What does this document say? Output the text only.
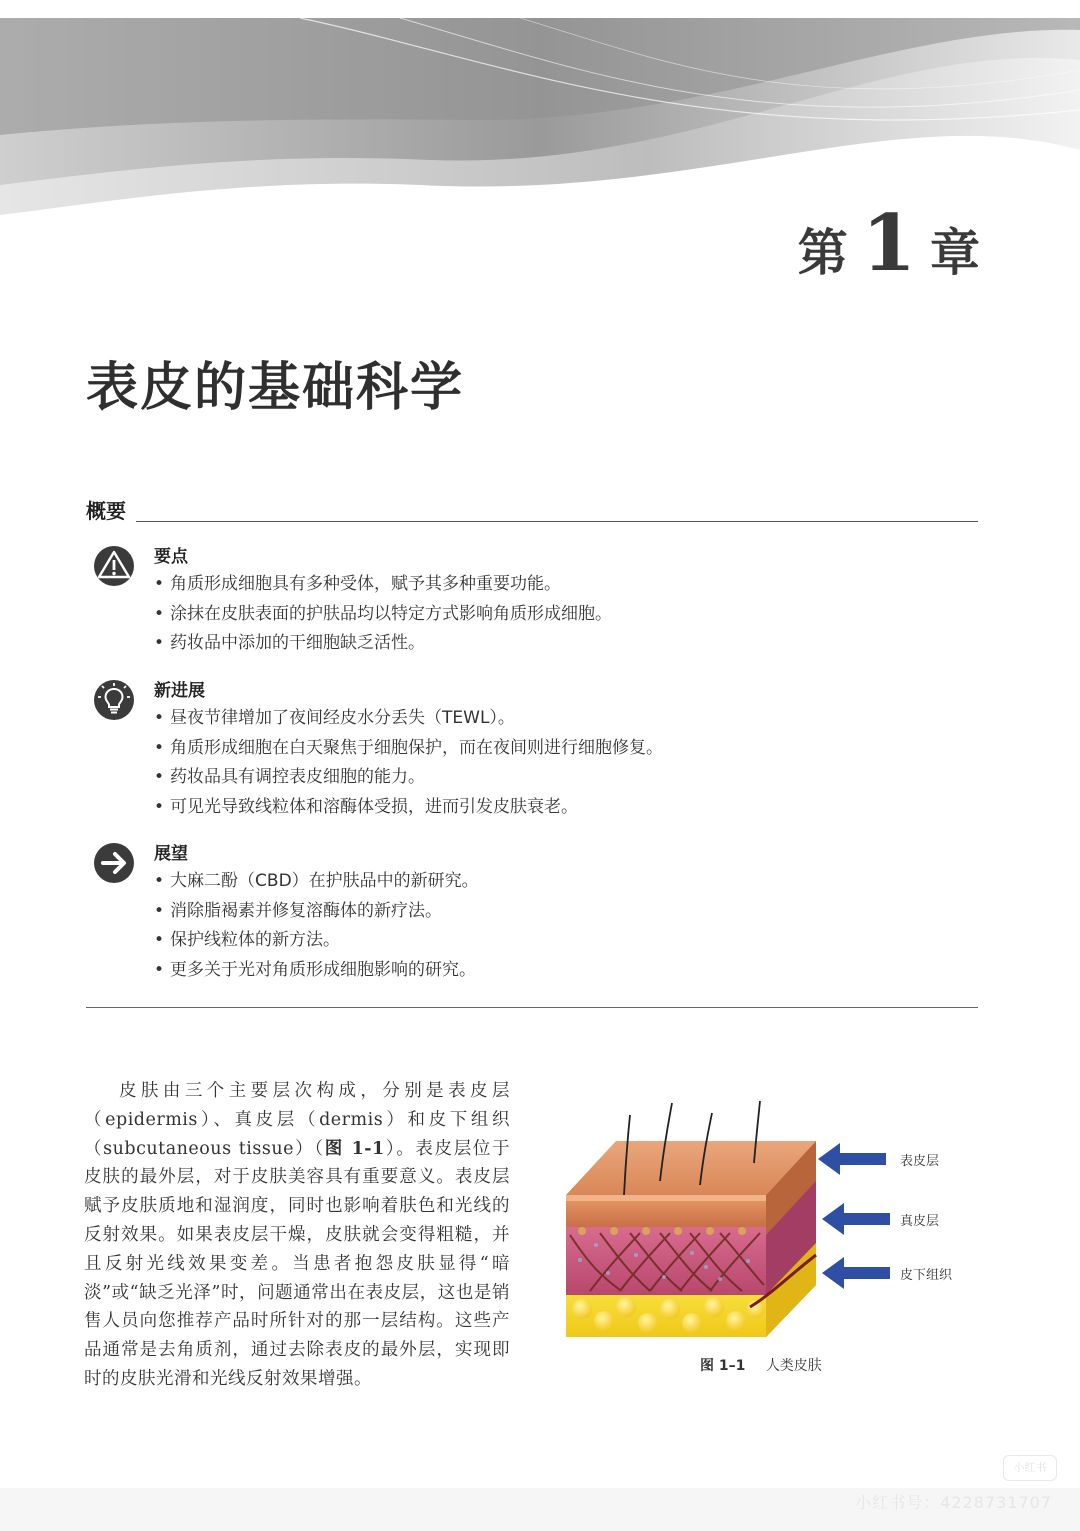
第 1 章
表皮的基础科学
概要
要点
• 角质形成细胞具有多种受体，赋予其多种重要功能。
• 涂抹在皮肤表面的护肤品均以特定方式影响角质形成细胞。
• 药妆品中添加的干细胞缺乏活性。
新进展
• 昼夜节律增加了夜间经皮水分丢失（TEWL）。
• 角质形成细胞在白天聚焦于细胞保护，而在夜间则进行细胞修复。
• 药妆品具有调控表皮细胞的能力。
• 可见光导致线粒体和溶酶体受损，进而引发皮肤衰老。
展望
• 大麻二酚（CBD）在护肤品中的新研究。
• 消除脂褐素并修复溶酶体的新疗法。
• 保护线粒体的新方法。
• 更多关于光对角质形成细胞影响的研究。

皮肤由三个主要层次构成，分别是表皮层（epidermis）、真皮层（dermis）和皮下组织（subcutaneous tissue）（图 1-1）。表皮层位于皮肤的最外层，对于皮肤美容具有重要意义。表皮层赋予皮肤质地和湿润度，同时也影响着肤色和光线的反射效果。如果表皮层干燥，皮肤就会变得粗糙，并且反射光线效果变差。当患者抱怨皮肤显得“暗淡”或“缺乏光泽”时，问题通常出在表皮层，这也是销售人员向您推荐产品时所针对的那一层结构。这些产品通常是去角质剂，通过去除表皮的最外层，实现即时的皮肤光滑和光线反射效果增强。

表皮层
真皮层
皮下组织
图 1–1 人类皮肤
小红书
小红书号：4228731707
